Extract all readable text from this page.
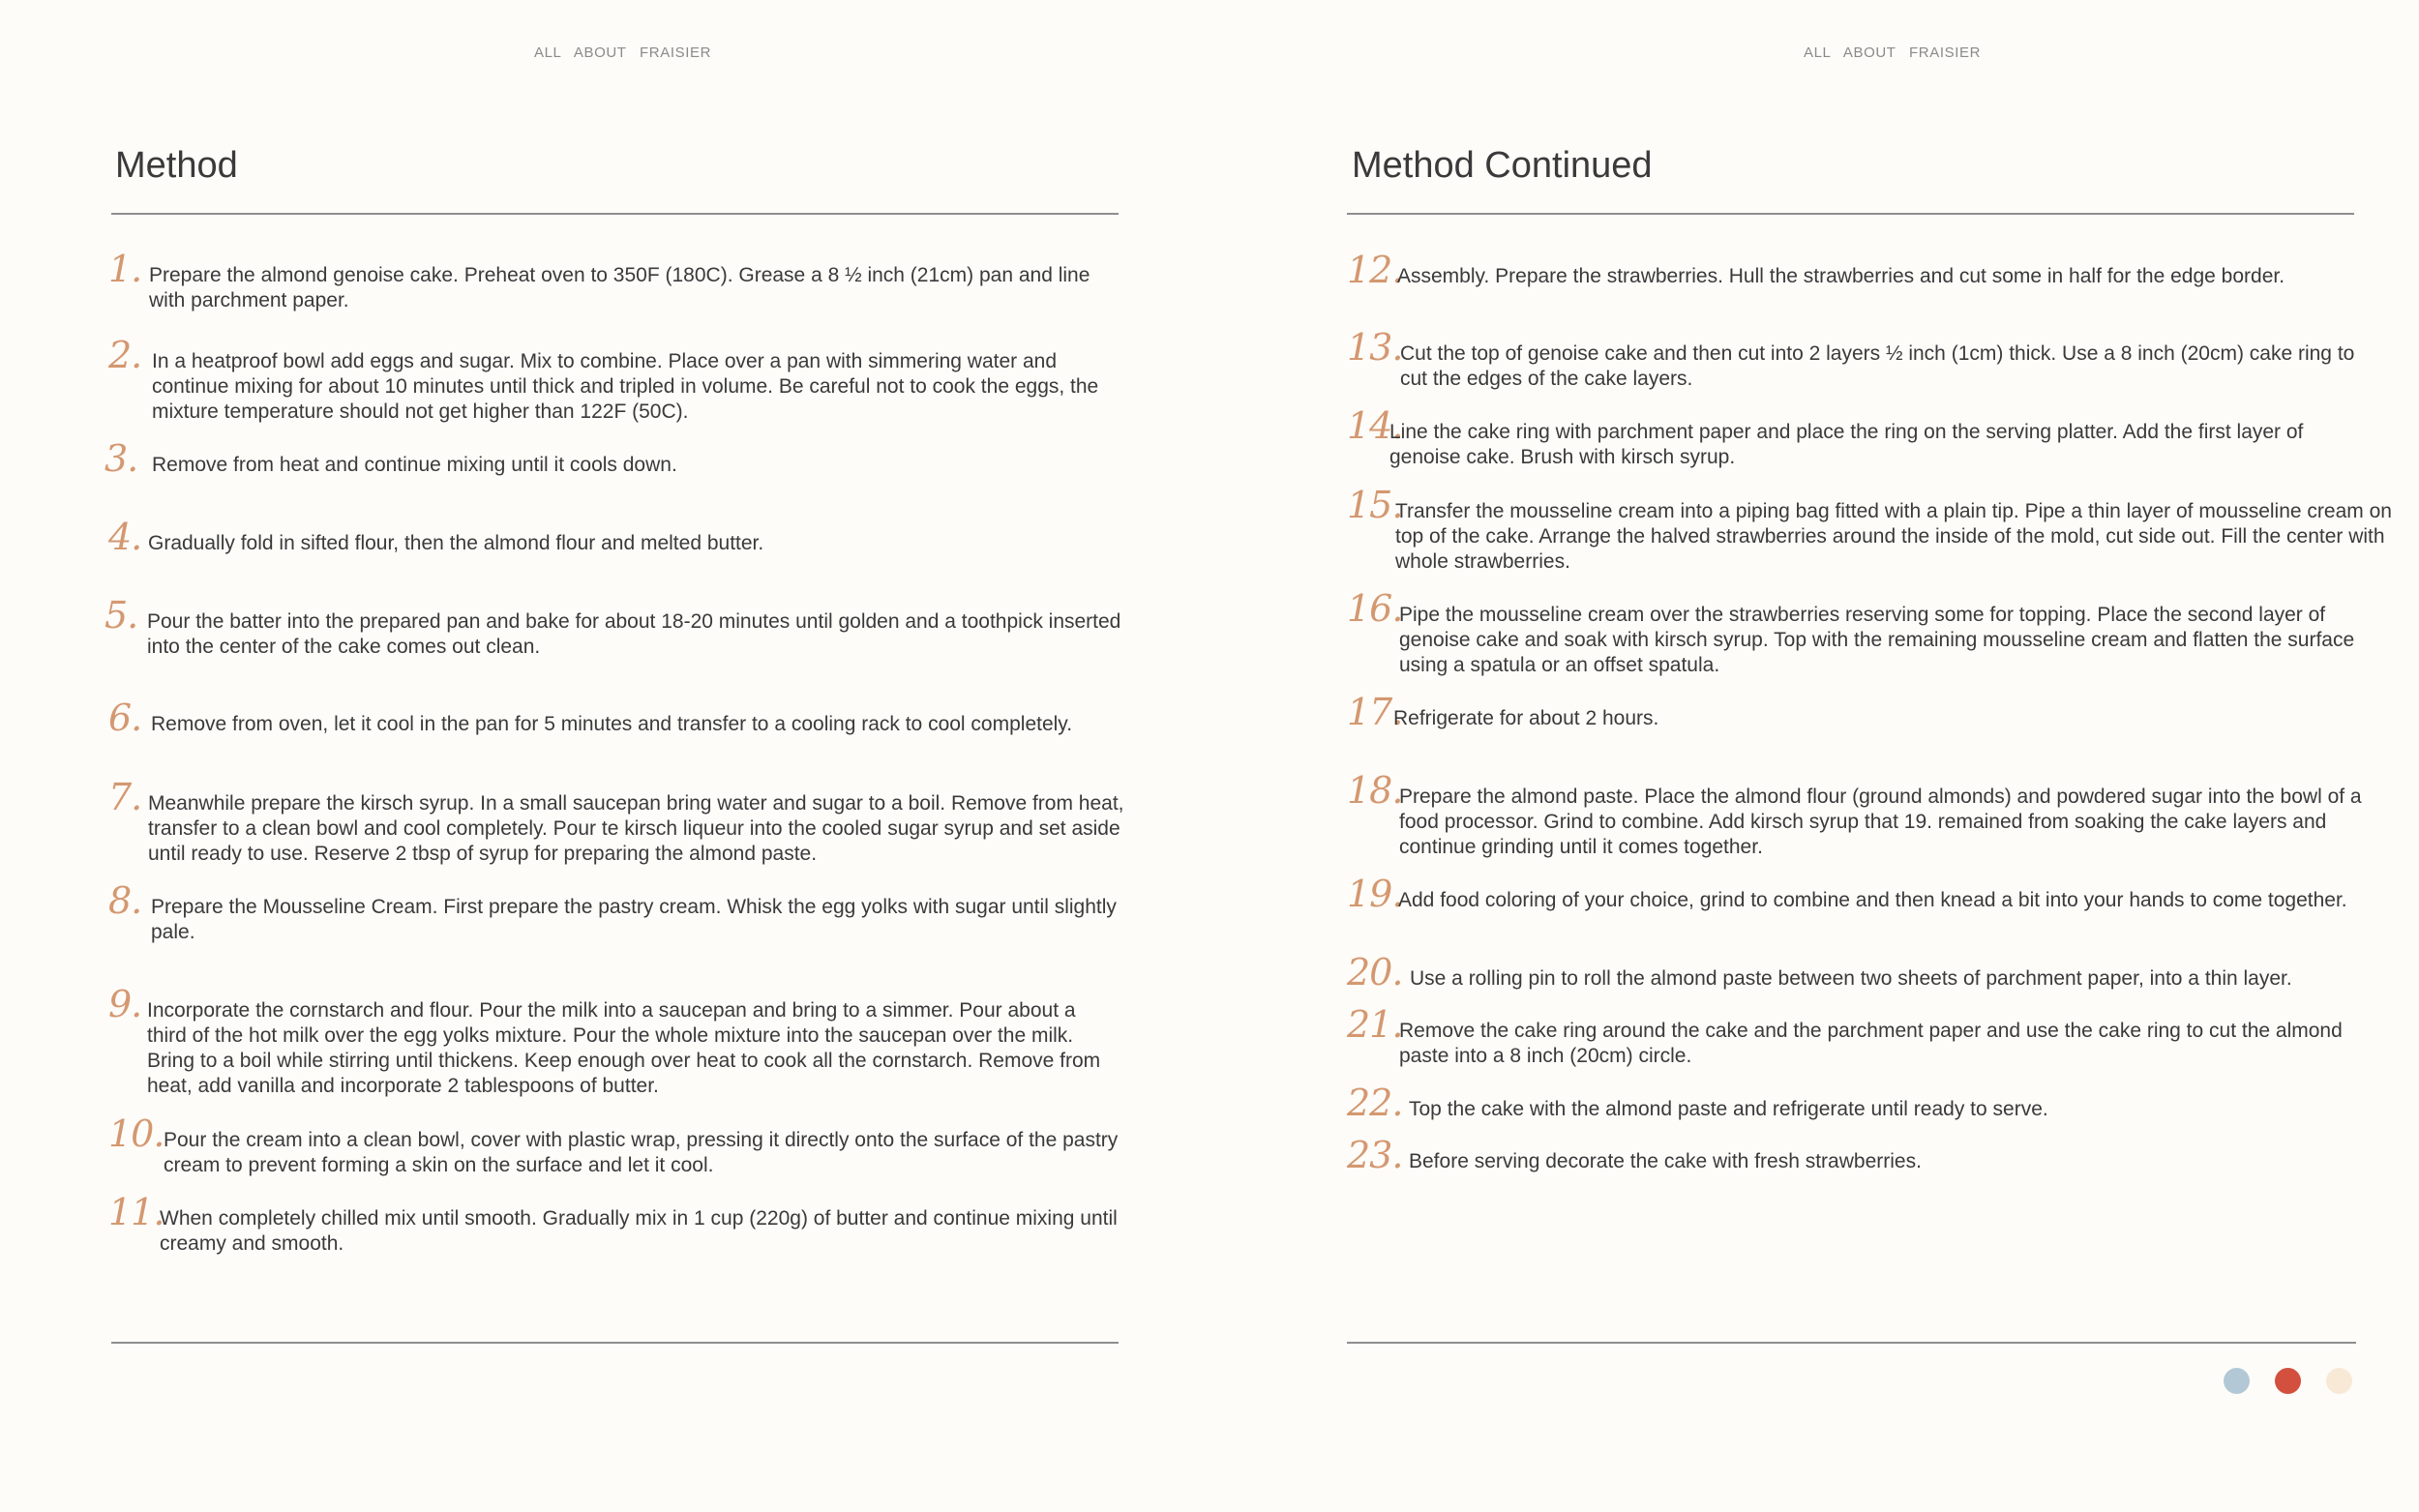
ALL ABOUT FRAISIER	ALL ABOUT FRAISIER
Method	Method Continued
1. Prepare the almond genoise cake. Preheat oven to 350F (180C). Grease a 8 ½ inch (21cm) pan and line with parchment paper.
2. In a heatproof bowl add eggs and sugar. Mix to combine. Place over a pan with simmering water and continue mixing for about 10 minutes until thick and tripled in volume. Be careful not to cook the eggs, the mixture temperature should not get higher than 122F (50C).
3. Remove from heat and continue mixing until it cools down.
4. Gradually fold in sifted flour, then the almond flour and melted butter.
5. Pour the batter into the prepared pan and bake for about 18-20 minutes until golden and a toothpick inserted into the center of the cake comes out clean.
6. Remove from oven, let it cool in the pan for 5 minutes and transfer to a cooling rack to cool completely.
7. Meanwhile prepare the kirsch syrup. In a small saucepan bring water and sugar to a boil. Remove from heat, transfer to a clean bowl and cool completely. Pour te kirsch liqueur into the cooled sugar syrup and set aside until ready to use. Reserve 2 tbsp of syrup for preparing the almond paste.
8. Prepare the Mousseline Cream. First prepare the pastry cream. Whisk the egg yolks with sugar until slightly pale.
9. Incorporate the cornstarch and flour. Pour the milk into a saucepan and bring to a simmer. Pour about a third of the hot milk over the egg yolks mixture. Pour the whole mixture into the saucepan over the milk. Bring to a boil while stirring until thickens. Keep enough over heat to cook all the cornstarch. Remove from heat, add vanilla and incorporate 2 tablespoons of butter.
10. Pour the cream into a clean bowl, cover with plastic wrap, pressing it directly onto the surface of the pastry cream to prevent forming a skin on the surface and let it cool.
11.
When completely chilled mix until smooth. Gradually mix in 1 cup (220g) of butter and continue mixing until creamy and smooth.
12.
Assembly. Prepare the strawberries. Hull the strawberries and cut some in half for the edge border.
13.
Cut the top of genoise cake and then cut into 2 layers ½ inch (1cm) thick. Use a 8 inch (20cm) cake ring to cut the edges of the cake layers.
14.
Line the cake ring with parchment paper and place the ring on the serving platter. Add the first layer of genoise cake. Brush with kirsch syrup.
15.
Transfer the mousseline cream into a piping bag fitted with a plain tip. Pipe a thin layer of mousseline cream on top of the cake. Arrange the halved strawberries around the inside of the mold, cut side out. Fill the center with whole strawberries.
16.
Pipe the mousseline cream over the strawberries reserving some for topping. Place the second layer of genoise cake and soak with kirsch syrup. Top with the remaining mousseline cream and flatten the surface using a spatula or an offset spatula.
17.
Refrigerate for about 2 hours.
18.
Prepare the almond paste. Place the almond flour (ground almonds) and powdered sugar into the bowl of a food processor. Grind to combine. Add kirsch syrup that 19. remained from soaking the cake layers and continue grinding until it comes together.
19.
Add food coloring of your choice, grind to combine and then knead a bit into your hands to come together.
20. Use a rolling pin to roll the almond paste between two sheets of parchment paper, into a thin layer.
21.
Remove the cake ring around the cake and the parchment paper and use the cake ring to cut the almond paste into a 8 inch (20cm) circle.
22. Top the cake with the almond paste and refrigerate until ready to serve.
23. Before serving decorate the cake with fresh strawberries.
